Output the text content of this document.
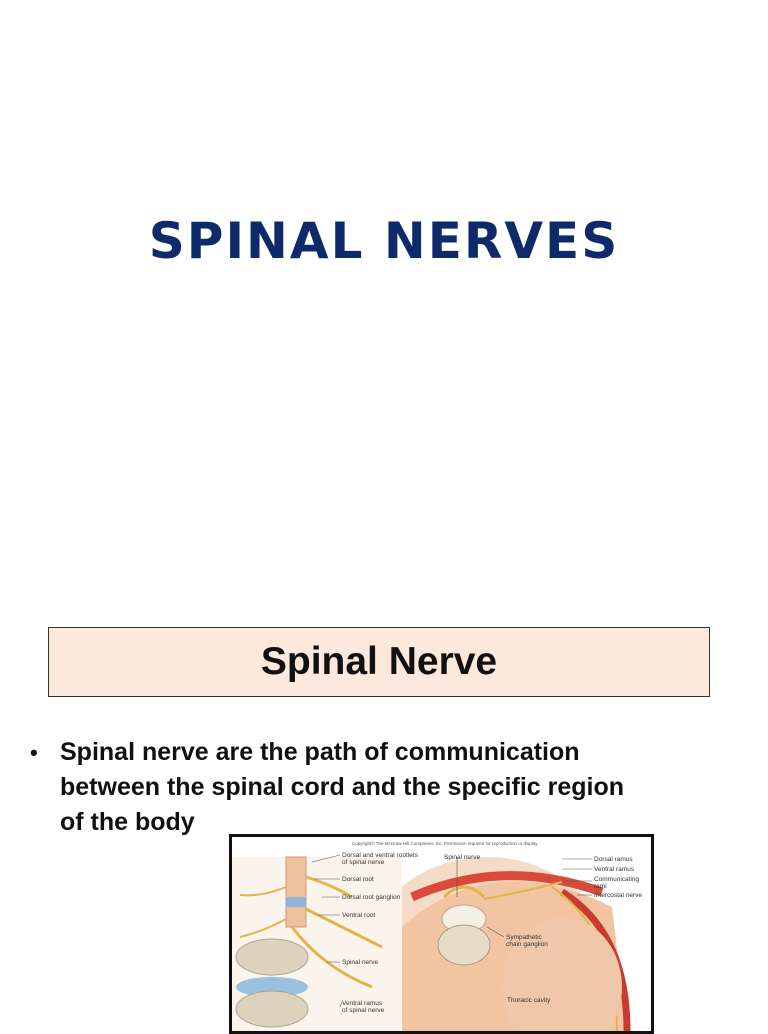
SPINAL NERVES
Spinal Nerve
• Spinal nerve are the path of communication
between the spinal cord and the specific region
of the body
Copyright© The McGraw-Hill Companies, Inc. Permission required for reproduction or display.
Dorsal and ventral rootlets
of spinal nerve
Dorsal root
Dorsal root ganglion
Ventral root
Spinal nerve
Ventral ramus
of spinal nerve
Spinal nerve	Dorsal ramus
Ventral ramus
Communicating
rami
Intercostal nerve
Sympathetic
chain ganglion
Thoracic cavity
